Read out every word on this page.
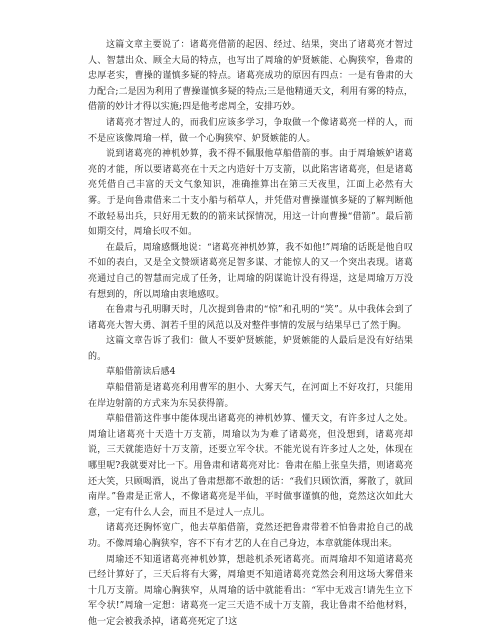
这篇文章主要说了：诸葛亮借箭的起因、经过、结果，突出了诸葛亮才智过人、智慧出众、顾全大局的特点，也写出了周瑜的妒贤嫉能、心胸狭窄，鲁肃的忠厚老实，曹操的谨慎多疑的特点。诸葛亮成功的原因有四点：一是有鲁肃的大力配合;二是因为利用了曹操谨慎多疑的特点;三是他精通天文，利用有雾的特点，借箭的妙计才得以实施;四是他考虑周全，安排巧妙。

诸葛亮才智过人的，而我们应该多学习，争取做一个像诸葛亮一样的人，而不是应该像周瑜一样，做一个心胸狭窄、妒贤嫉能的人。

说到诸葛亮的神机妙算，我不得不佩服他草船借箭的事。由于周瑜嫉妒诸葛亮的才能，所以要诸葛亮在十天之内造好十万支箭，以此陷害诸葛亮，但是诸葛亮凭借自己丰富的天文气象知识，准确推算出在第三天夜里，江面上必然有大雾。于是向鲁肃借来二十支小船与稻草人，并凭借对曹操谨慎多疑的了解判断他不敢轻易出兵，只好用无数的的箭来试探情况，用这一计向曹操“借箭”。最后箭如期交付，周瑜长叹不如。

在最后，周瑜感慨地说：“诸葛亮神机妙算，我不如他!”周瑜的话既是他自叹不如的表白，又是全文赞颂诸葛亮足智多谋、才能惊人的又一个突出表现。诸葛亮通过自己的智慧而完成了任务，让周瑜的阴谋诡计没有得逞，这是周瑜万万没有想到的，所以周瑜由衷地感叹。

在鲁肃与孔明聊天时，几次提到鲁肃的“惊”和孔明的“笑”。从中我体会到了诸葛亮大智大勇、洞若千里的风范以及对整件事情的发展与结果早已了然于胸。

这篇文章告诉了我们：做人不要妒贤嫉能，妒贤嫉能的人最后是没有好结果的。

草船借箭读后感4

草船借箭是诸葛亮利用曹军的胆小、大雾天气，在河面上不好攻打，只能用在岸边射箭的方式来为东吴获得箭。

草船借箭这件事中能体现出诸葛亮的神机妙算、懂天文，有许多过人之处。周瑜让诸葛亮十天造十万支箭，周瑜以为为难了诸葛亮，但没想到，诸葛亮却说，三天就能造好十万支箭，还要立军令状。不能光说有许多过人之处，体现在哪里呢?我就要对比一下。用鲁肃和诸葛亮对比：鲁肃在船上张皇失措，则诸葛亮还大笑，只顾喝酒，说出了鲁肃想都不敢想的话：“我们只顾饮酒，雾散了，就回南岸。”鲁肃是正常人，不像诸葛亮是半仙，平时做事谨慎的他，竟然这次如此大意，一定有什么人会，而且不是过人一点儿。

诸葛亮还胸怀宽广，他去草船借箭，竟然还把鲁肃带着不怕鲁肃抢自己的战功。不像周瑜心胸狭窄，容不下有才艺的人在自己身边，本章就能体现出来。

周瑜还不知道诸葛亮神机妙算，想趁机杀死诸葛亮。而周瑜却不知道诸葛亮已经计算好了，三天后将有大雾，周瑜更不知道诸葛亮竟然会利用这场大雾借来十几万支箭。周瑜心胸狭窄，从周瑜的话中就能看出：“军中无戏言!请先生立下军令状!”周瑜一定想：诸葛亮一定三天造不成十万支箭，我让鲁肃不给他材料，他一定会被我杀掉，诸葛亮死定了!这
